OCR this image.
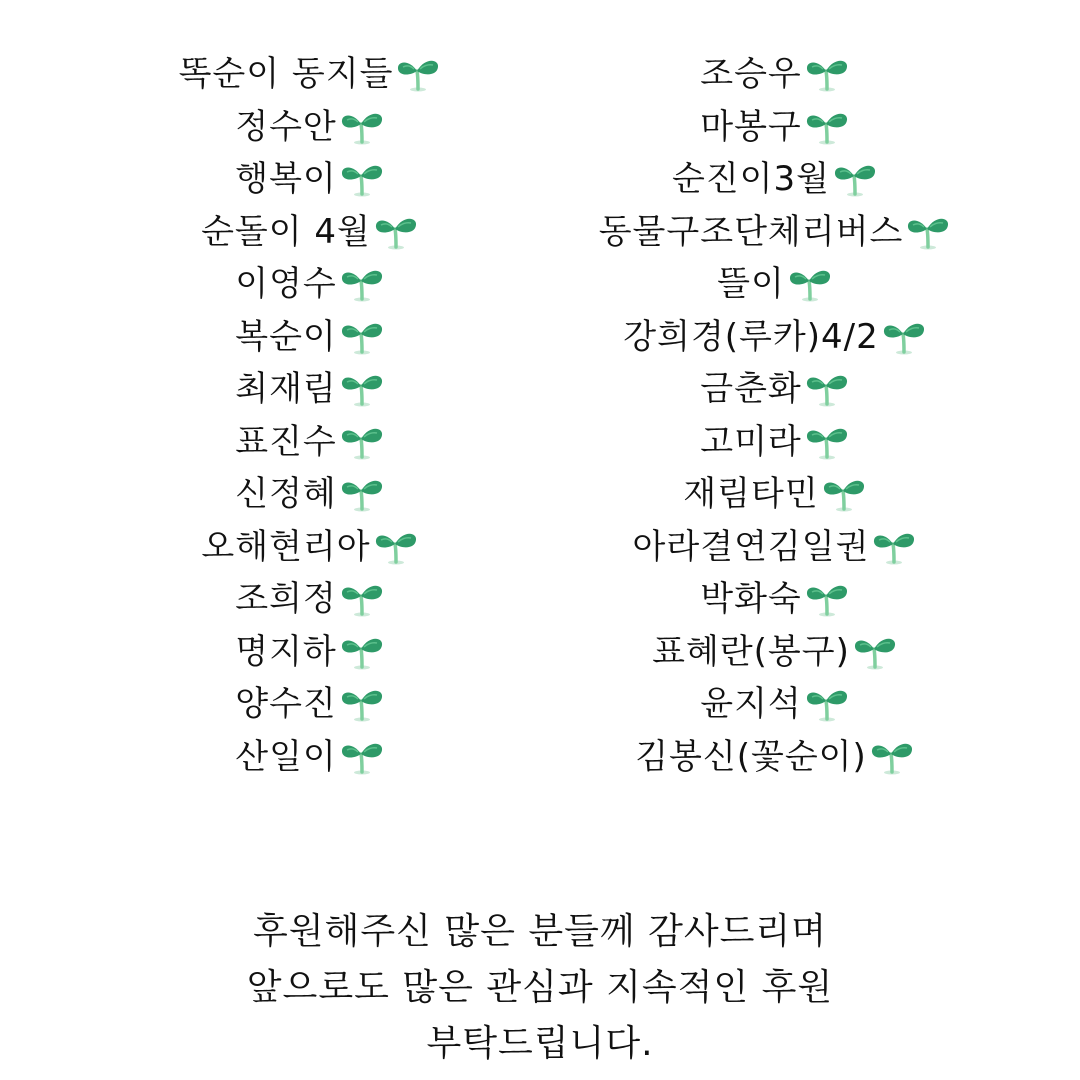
똑순이 동지들
정수안
행복이
순돌이 4월
이영수
복순이
최재림
표진수
신정혜
오해현리아
조희정
명지하
양수진
산일이
조승우
마봉구
순진이3월
동물구조단체리버스
뜰이
강희경(루카)4/2
금춘화
고미라
재림타민
아라결연김일권
박화숙
표혜란(봉구)
윤지석
김봉신(꽃순이)
후원해주신 많은 분들께 감사드리며
앞으로도 많은 관심과 지속적인 후원
부탁드립니다.
